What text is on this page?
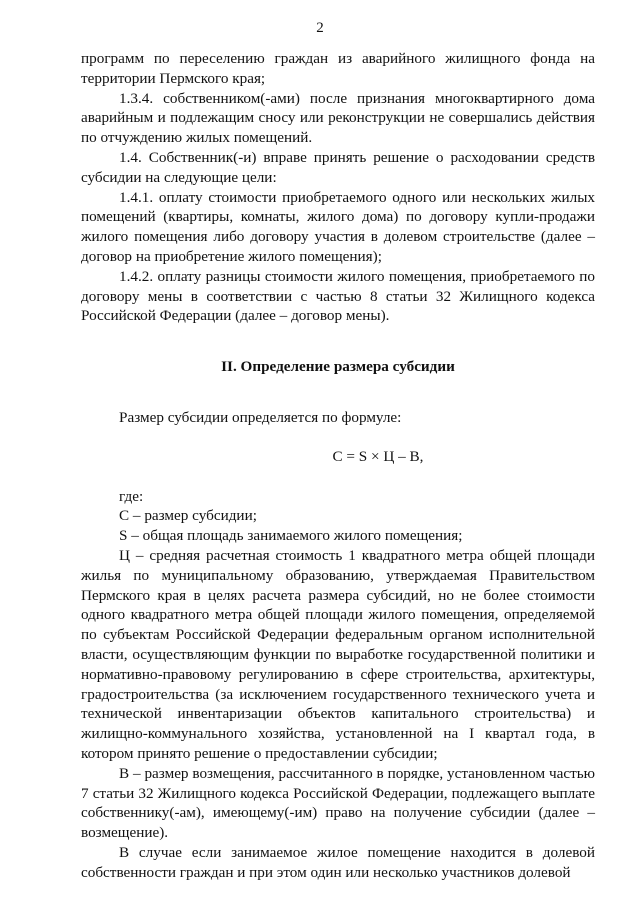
2

программ по переселению граждан из аварийного жилищного фонда на территории Пермского края;

1.3.4. собственником(-ами) после признания многоквартирного дома аварийным и подлежащим сносу или реконструкции не совершались действия по отчуждению жилых помещений.

1.4. Собственник(-и) вправе принять решение о расходовании средств субсидии на следующие цели:

1.4.1. оплату стоимости приобретаемого одного или нескольких жилых помещений (квартиры, комнаты, жилого дома) по договору купли-продажи жилого помещения либо договору участия в долевом строительстве (далее – договор на приобретение жилого помещения);

1.4.2. оплату разницы стоимости жилого помещения, приобретаемого по договору мены в соответствии с частью 8 статьи 32 Жилищного кодекса Российской Федерации (далее – договор мены).

II. Определение размера субсидии

Размер субсидии определяется по формуле:

C = S × Ц – B,

где:

C – размер субсидии;

S – общая площадь занимаемого жилого помещения;

Ц – средняя расчетная стоимость 1 квадратного метра общей площади жилья по муниципальному образованию, утверждаемая Правительством Пермского края в целях расчета размера субсидий, но не более стоимости одного квадратного метра общей площади жилого помещения, определяемой по субъектам Российской Федерации федеральным органом исполнительной власти, осуществляющим функции по выработке государственной политики и нормативно-правовому регулированию в сфере строительства, архитектуры, градостроительства (за исключением государственного технического учета и технической инвентаризации объектов капитального строительства) и жилищно-коммунального хозяйства, установленной на I квартал года, в котором принято решение о предоставлении субсидии;

B – размер возмещения, рассчитанного в порядке, установленном частью 7 статьи 32 Жилищного кодекса Российской Федерации, подлежащего выплате собственнику(-ам), имеющему(-им) право на получение субсидии (далее – возмещение).

В случае если занимаемое жилое помещение находится в долевой собственности граждан и при этом один или несколько участников долевой
